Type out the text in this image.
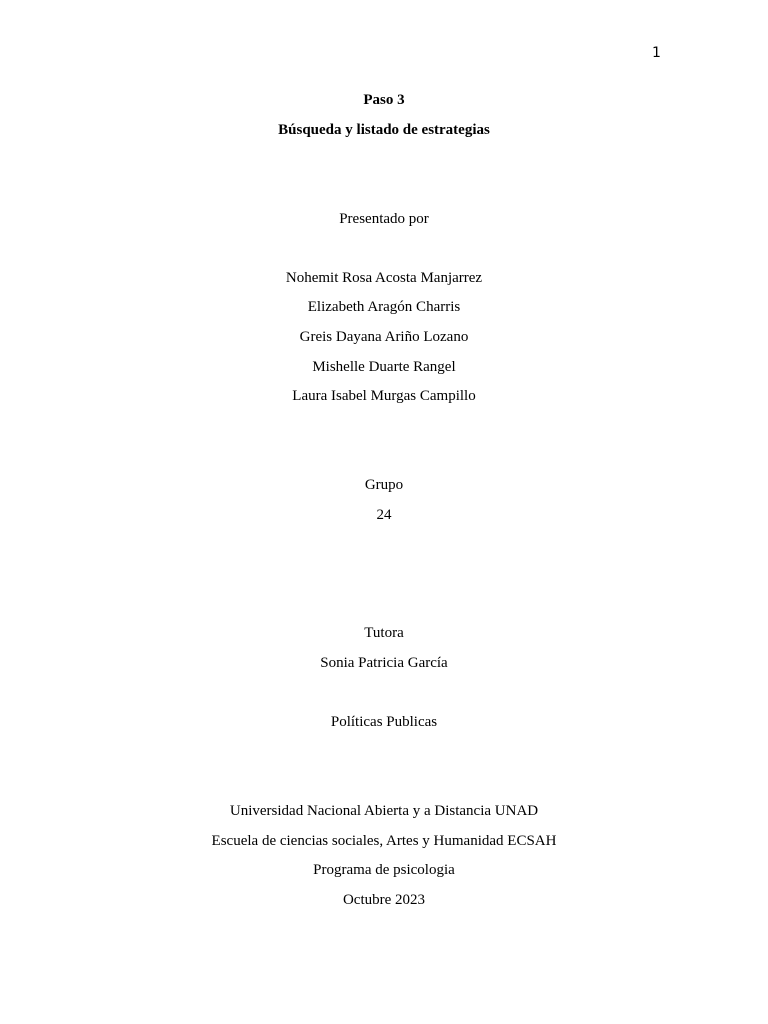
1
Paso 3
Búsqueda y listado de estrategias
Presentado por
Nohemit Rosa Acosta Manjarrez
Elizabeth Aragón Charris
Greis Dayana Ariño Lozano
Mishelle Duarte Rangel
Laura Isabel Murgas Campillo
Grupo
24
Tutora
Sonia Patricia García
Políticas Publicas
Universidad Nacional Abierta y a Distancia UNAD
Escuela de ciencias sociales, Artes y Humanidad ECSAH
Programa de psicologia
Octubre 2023
